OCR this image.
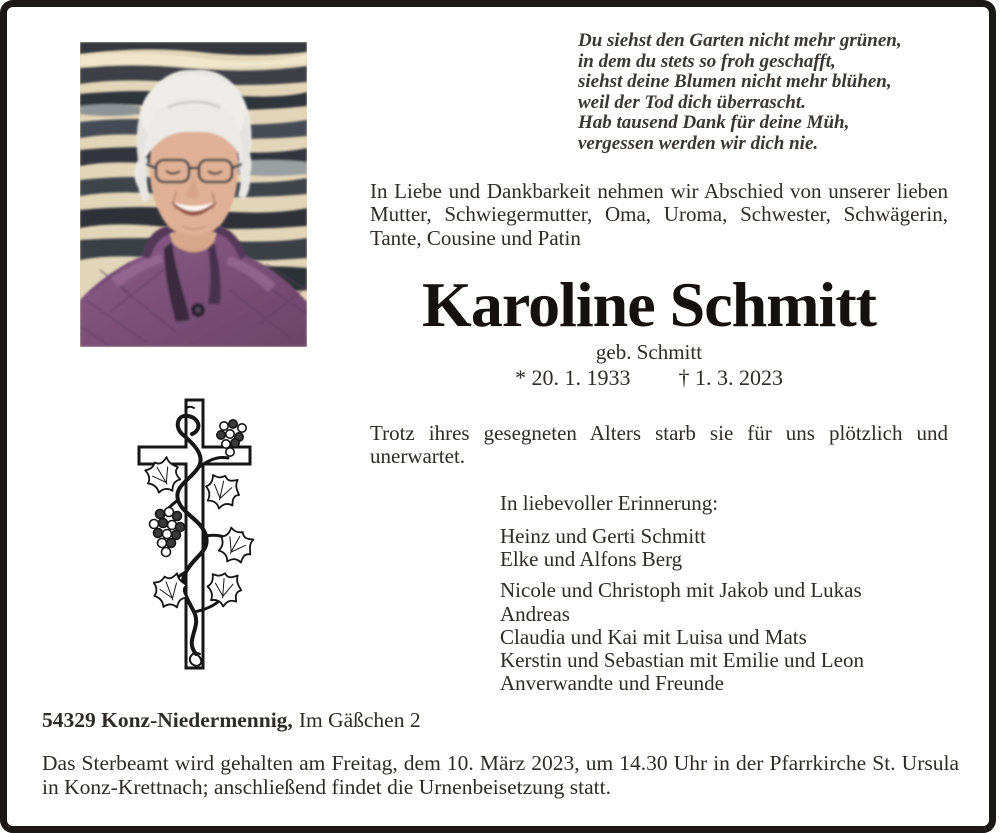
Du siehst den Garten nicht mehr grünen,
in dem du stets so froh geschafft,
siehst deine Blumen nicht mehr blühen,
weil der Tod dich überrascht.
Hab tausend Dank für deine Müh,
vergessen werden wir dich nie.
In Liebe und Dankbarkeit nehmen wir Abschied von unserer lieben Mutter, Schwiegermutter, Oma, Uroma, Schwester, Schwägerin, Tante, Cousine und Patin
Karoline Schmitt
geb. Schmitt
* 20. 1. 1933 † 1. 3. 2023
Trotz ihres gesegneten Alters starb sie für uns plötzlich und unerwartet.
In liebevoller Erinnerung:
Heinz und Gerti Schmitt
Elke und Alfons Berg
Nicole und Christoph mit Jakob und Lukas
Andreas
Claudia und Kai mit Luisa und Mats
Kerstin und Sebastian mit Emilie und Leon
Anverwandte und Freunde
54329 Konz-Niedermennig, Im Gäßchen 2
Das Sterbeamt wird gehalten am Freitag, dem 10. März 2023, um 14.30 Uhr in der Pfarrkirche St. Ursula in Konz-Krettnach; anschließend findet die Urnenbeisetzung statt.
